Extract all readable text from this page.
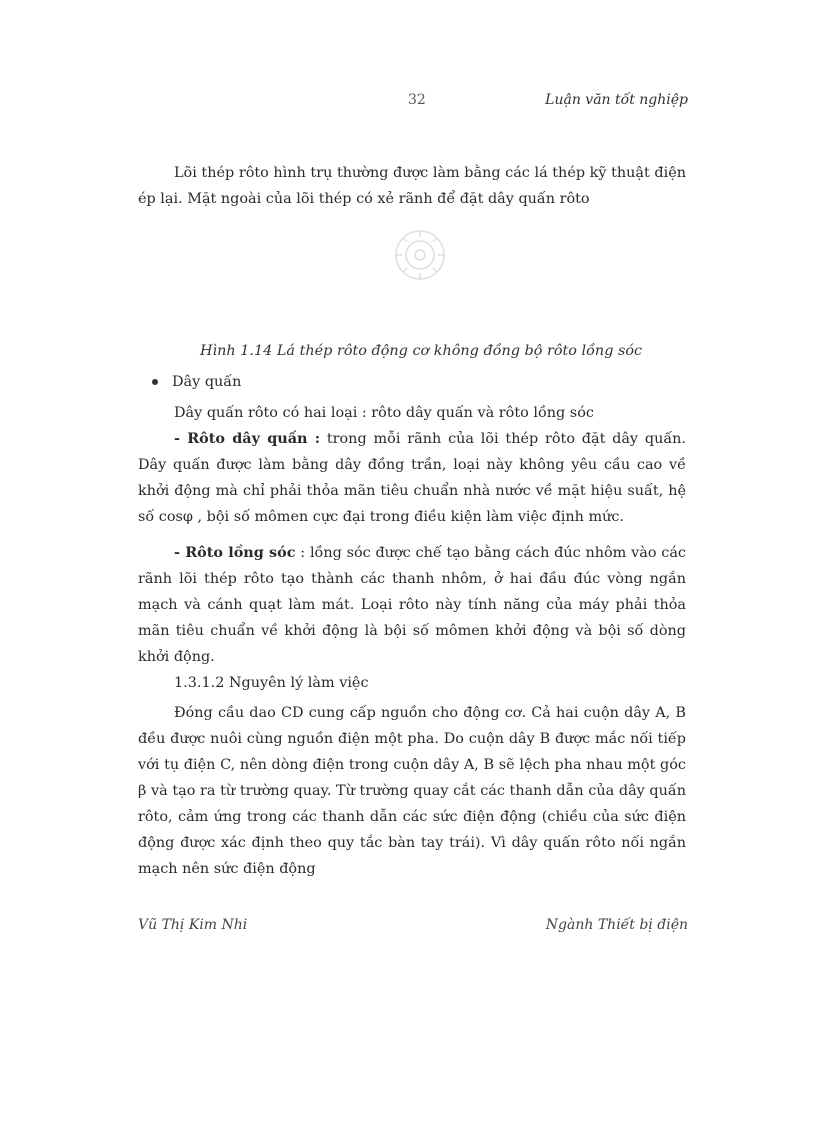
32	Luận văn tốt nghiệp

Lõi thép rôto hình trụ thường được làm bằng các lá thép kỹ thuật điện ép lại. Mặt ngoài của lõi thép có xẻ rãnh để đặt dây quấn rôto

Hình 1.14 Lá thép rôto động cơ không đồng bộ rôto lồng sóc
Dây quấn

Dây quấn rôto có hai loại : rôto dây quấn và rôto lồng sóc

- Rôto dây quấn : trong mỗi rãnh của lõi thép rôto đặt dây quấn. Dây quấn được làm bằng dây đồng trần, loại này không yêu cầu cao về khởi động mà chỉ phải thỏa mãn tiêu chuẩn nhà nước về mặt hiệu suất, hệ số cosφ , bội số mômen cực đại trong điều kiện làm việc định mức.

- Rôto lồng sóc : lồng sóc được chế tạo bằng cách đúc nhôm vào các rãnh lõi thép rôto tạo thành các thanh nhôm, ở hai đầu đúc vòng ngắn mạch và cánh quạt làm mát. Loại rôto này tính năng của máy phải thỏa mãn tiêu chuẩn về khởi động là bội số mômen khởi động và bội số dòng khởi động.

1.3.1.2 Nguyên lý làm việc

Đóng cầu dao CD cung cấp nguồn cho động cơ. Cả hai cuộn dây A, B đều được nuôi cùng nguồn điện một pha. Do cuộn dây B được mắc nối tiếp với tụ điện C, nên dòng điện trong cuộn dây A, B sẽ lệch pha nhau một góc β và tạo ra từ trường quay. Từ trường quay cắt các thanh dẫn của dây quấn rôto, cảm ứng trong các thanh dẫn các sức điện động (chiều của sức điện động được xác định theo quy tắc bàn tay trái). Vì dây quấn rôto nối ngắn mạch nên sức điện động

Vũ Thị Kim Nhi	Ngành Thiết bị điện
